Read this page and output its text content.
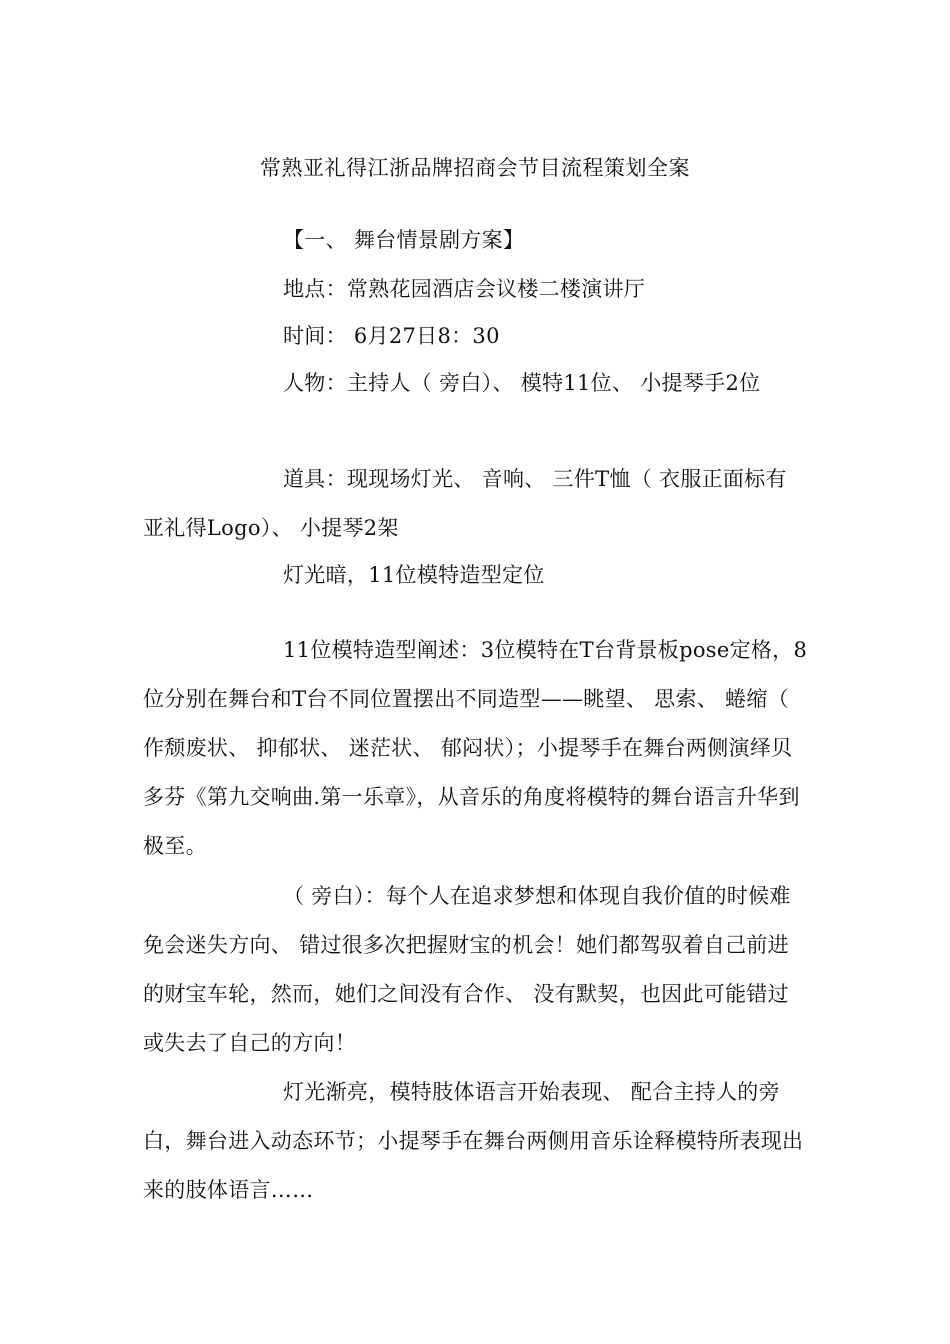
常熟亚礼得江浙品牌招商会节目流程策划全案

【一、 舞台情景剧方案】

地点：常熟花园酒店会议楼二楼演讲厅

时间： 6月27日8：30

人物：主持人（ 旁白）、 模特11位、 小提琴手2位

道具：现现场灯光、 音响、 三件T恤（ 衣服正面标有亚礼得Logo）、 小提琴2架

灯光暗，11位模特造型定位

11位模特造型阐述：3位模特在T台背景板pose定格，8位分别在舞台和T台不同位置摆出不同造型——眺望、 思索、 蜷缩（ 作颓废状、 抑郁状、 迷茫状、 郁闷状）；小提琴手在舞台两侧演绎贝多芬《第九交响曲.第一乐章》，从音乐的角度将模特的舞台语言升华到极至。

（ 旁白）：每个人在追求梦想和体现自我价值的时候难免会迷失方向、 错过很多次把握财宝的机会！她们都驾驭着自己前进的财宝车轮，然而，她们之间没有合作、 没有默契，也因此可能错过或失去了自己的方向！

灯光渐亮，模特肢体语言开始表现、 配合主持人的旁白，舞台进入动态环节；小提琴手在舞台两侧用音乐诠释模特所表现出来的肢体语言……
